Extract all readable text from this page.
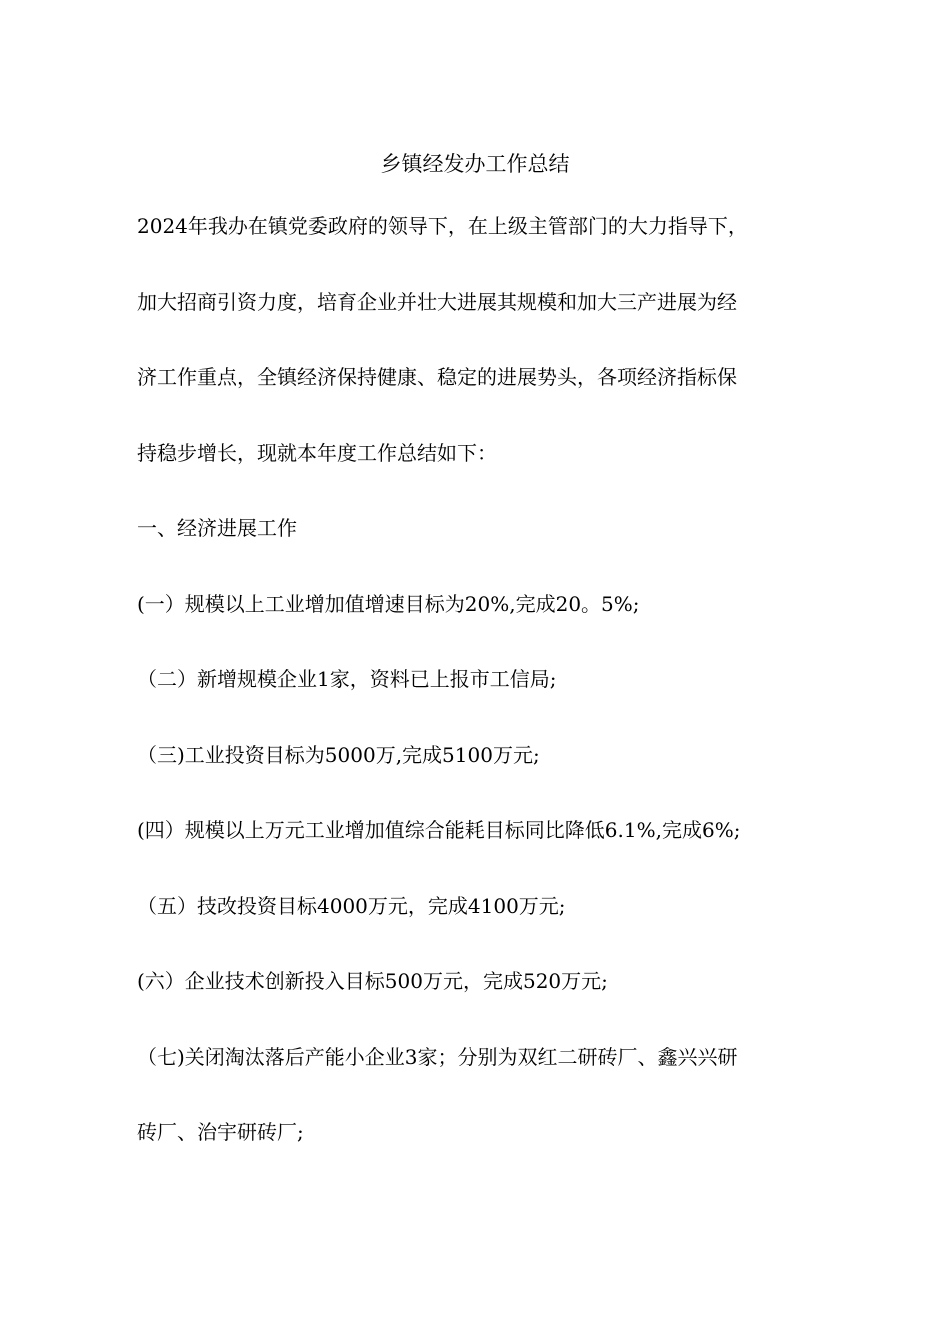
乡镇经发办工作总结
2024年我办在镇党委政府的领导下，在上级主管部门的大力指导下，
加大招商引资力度，培育企业并壮大进展其规模和加大三产进展为经
济工作重点，全镇经济保持健康、稳定的进展势头，各项经济指标保
持稳步增长，现就本年度工作总结如下：
一、经济进展工作
(一）规模以上工业增加值增速目标为20%,完成20。5%;
（二）新增规模企业1家，资料已上报市工信局;
（三)工业投资目标为5000万,完成5100万元;
(四）规模以上万元工业增加值综合能耗目标同比降低6.1%,完成6%;
（五）技改投资目标4000万元，完成4100万元;
(六）企业技术创新投入目标500万元，完成520万元;
（七)关闭淘汰落后产能小企业3家；分别为双红二研砖厂、鑫兴兴研
砖厂、治宇研砖厂;
